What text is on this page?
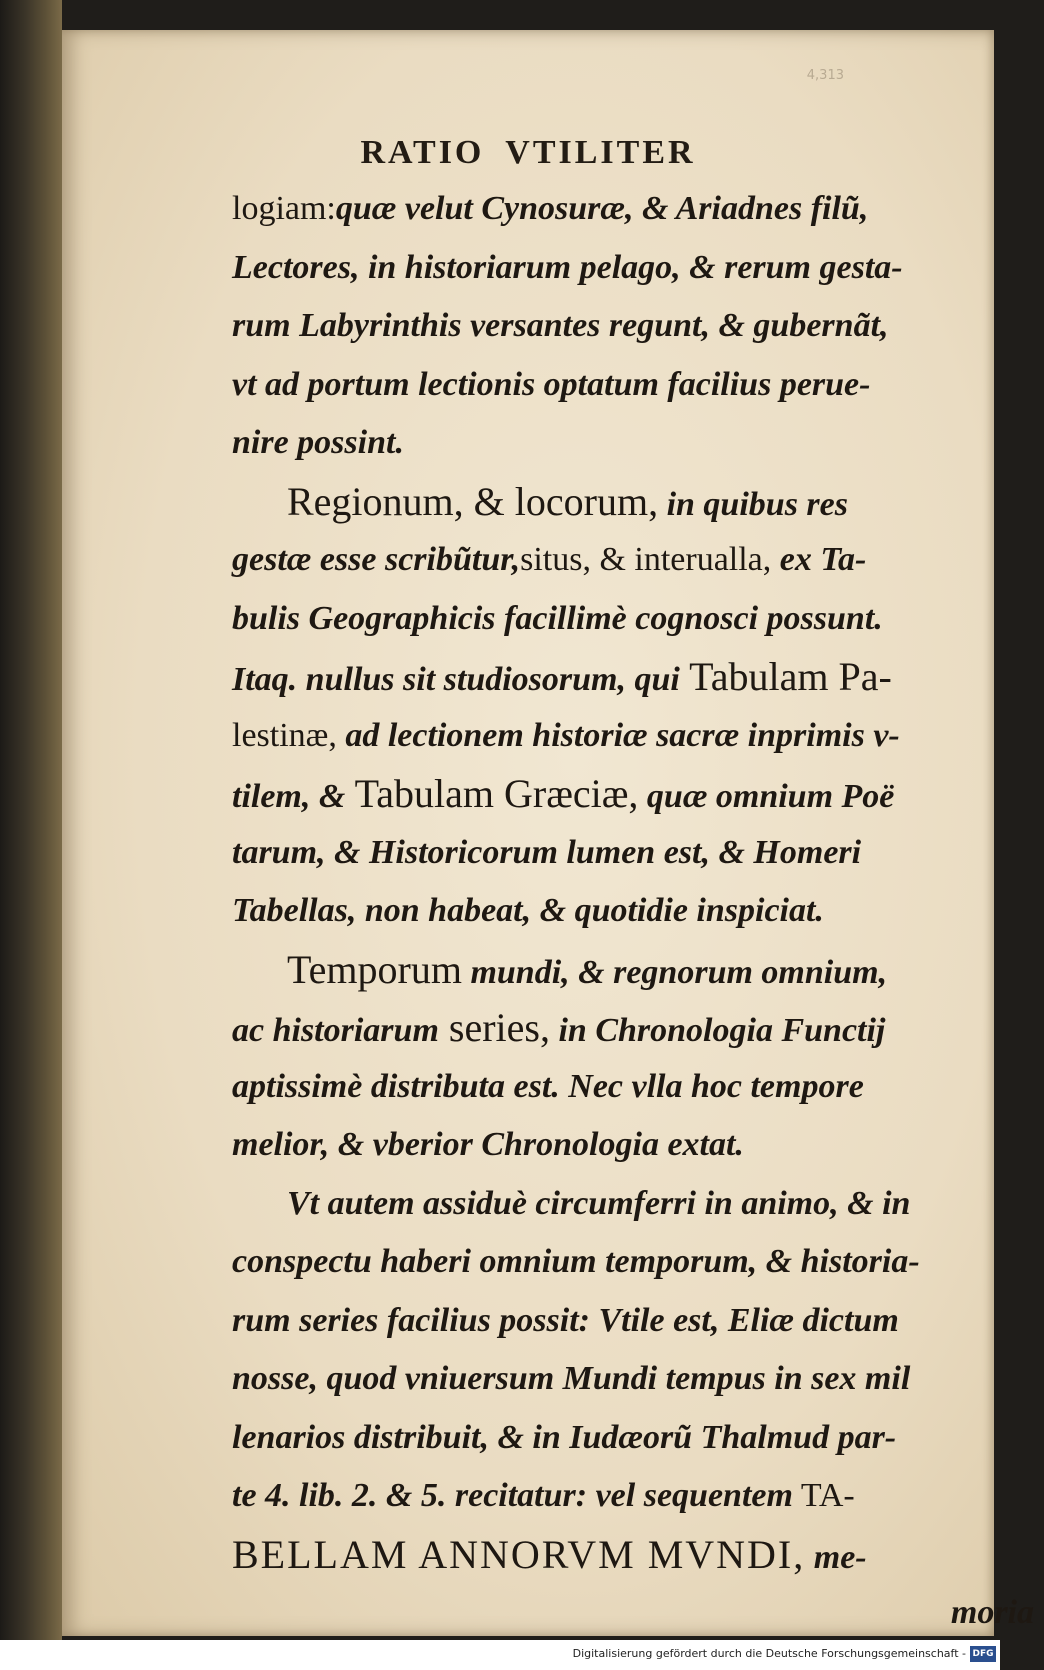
4,313
RATIO VTILITER
logiam:quæ velut Cynosuræ, & Ariadnes filũ,
Lectores, in historiarum pelago, & rerum gesta-
rum Labyrinthis versantes regunt, & gubernãt,
vt ad portum lectionis optatum facilius perue-
nire possint.
Regionum, & locorum, in quibus res
gestæ esse scribũtur,situs, & interualla, ex Ta-
bulis Geographicis facillimè cognosci possunt.
Itaq. nullus sit studiosorum, qui Tabulam Pa-
lestinæ, ad lectionem historiæ sacræ inprimis v-
tilem, & Tabulam Græciæ, quæ omnium Poë
tarum, & Historicorum lumen est, & Homeri
Tabellas, non habeat, & quotidie inspiciat.
Temporum mundi, & regnorum omnium,
ac historiarum series, in Chronologia Functij
aptissimè distributa est. Nec vlla hoc tempore
melior, & vberior Chronologia extat.
Vt autem assiduè circumferri in animo, & in
conspectu haberi omnium temporum, & historia-
rum series facilius possit: Vtile est, Eliæ dictum
nosse, quod vniuersum Mundi tempus in sex mil
lenarios distribuit, & in Iudæorũ Thalmud par-
te 4. lib. 2. & 5. recitatur: vel sequentem TA-
BELLAM ANNORVM MVNDI, me-
moria
Digitalisierung gefördert durch die Deutsche Forschungsgemeinschaft - DFG
